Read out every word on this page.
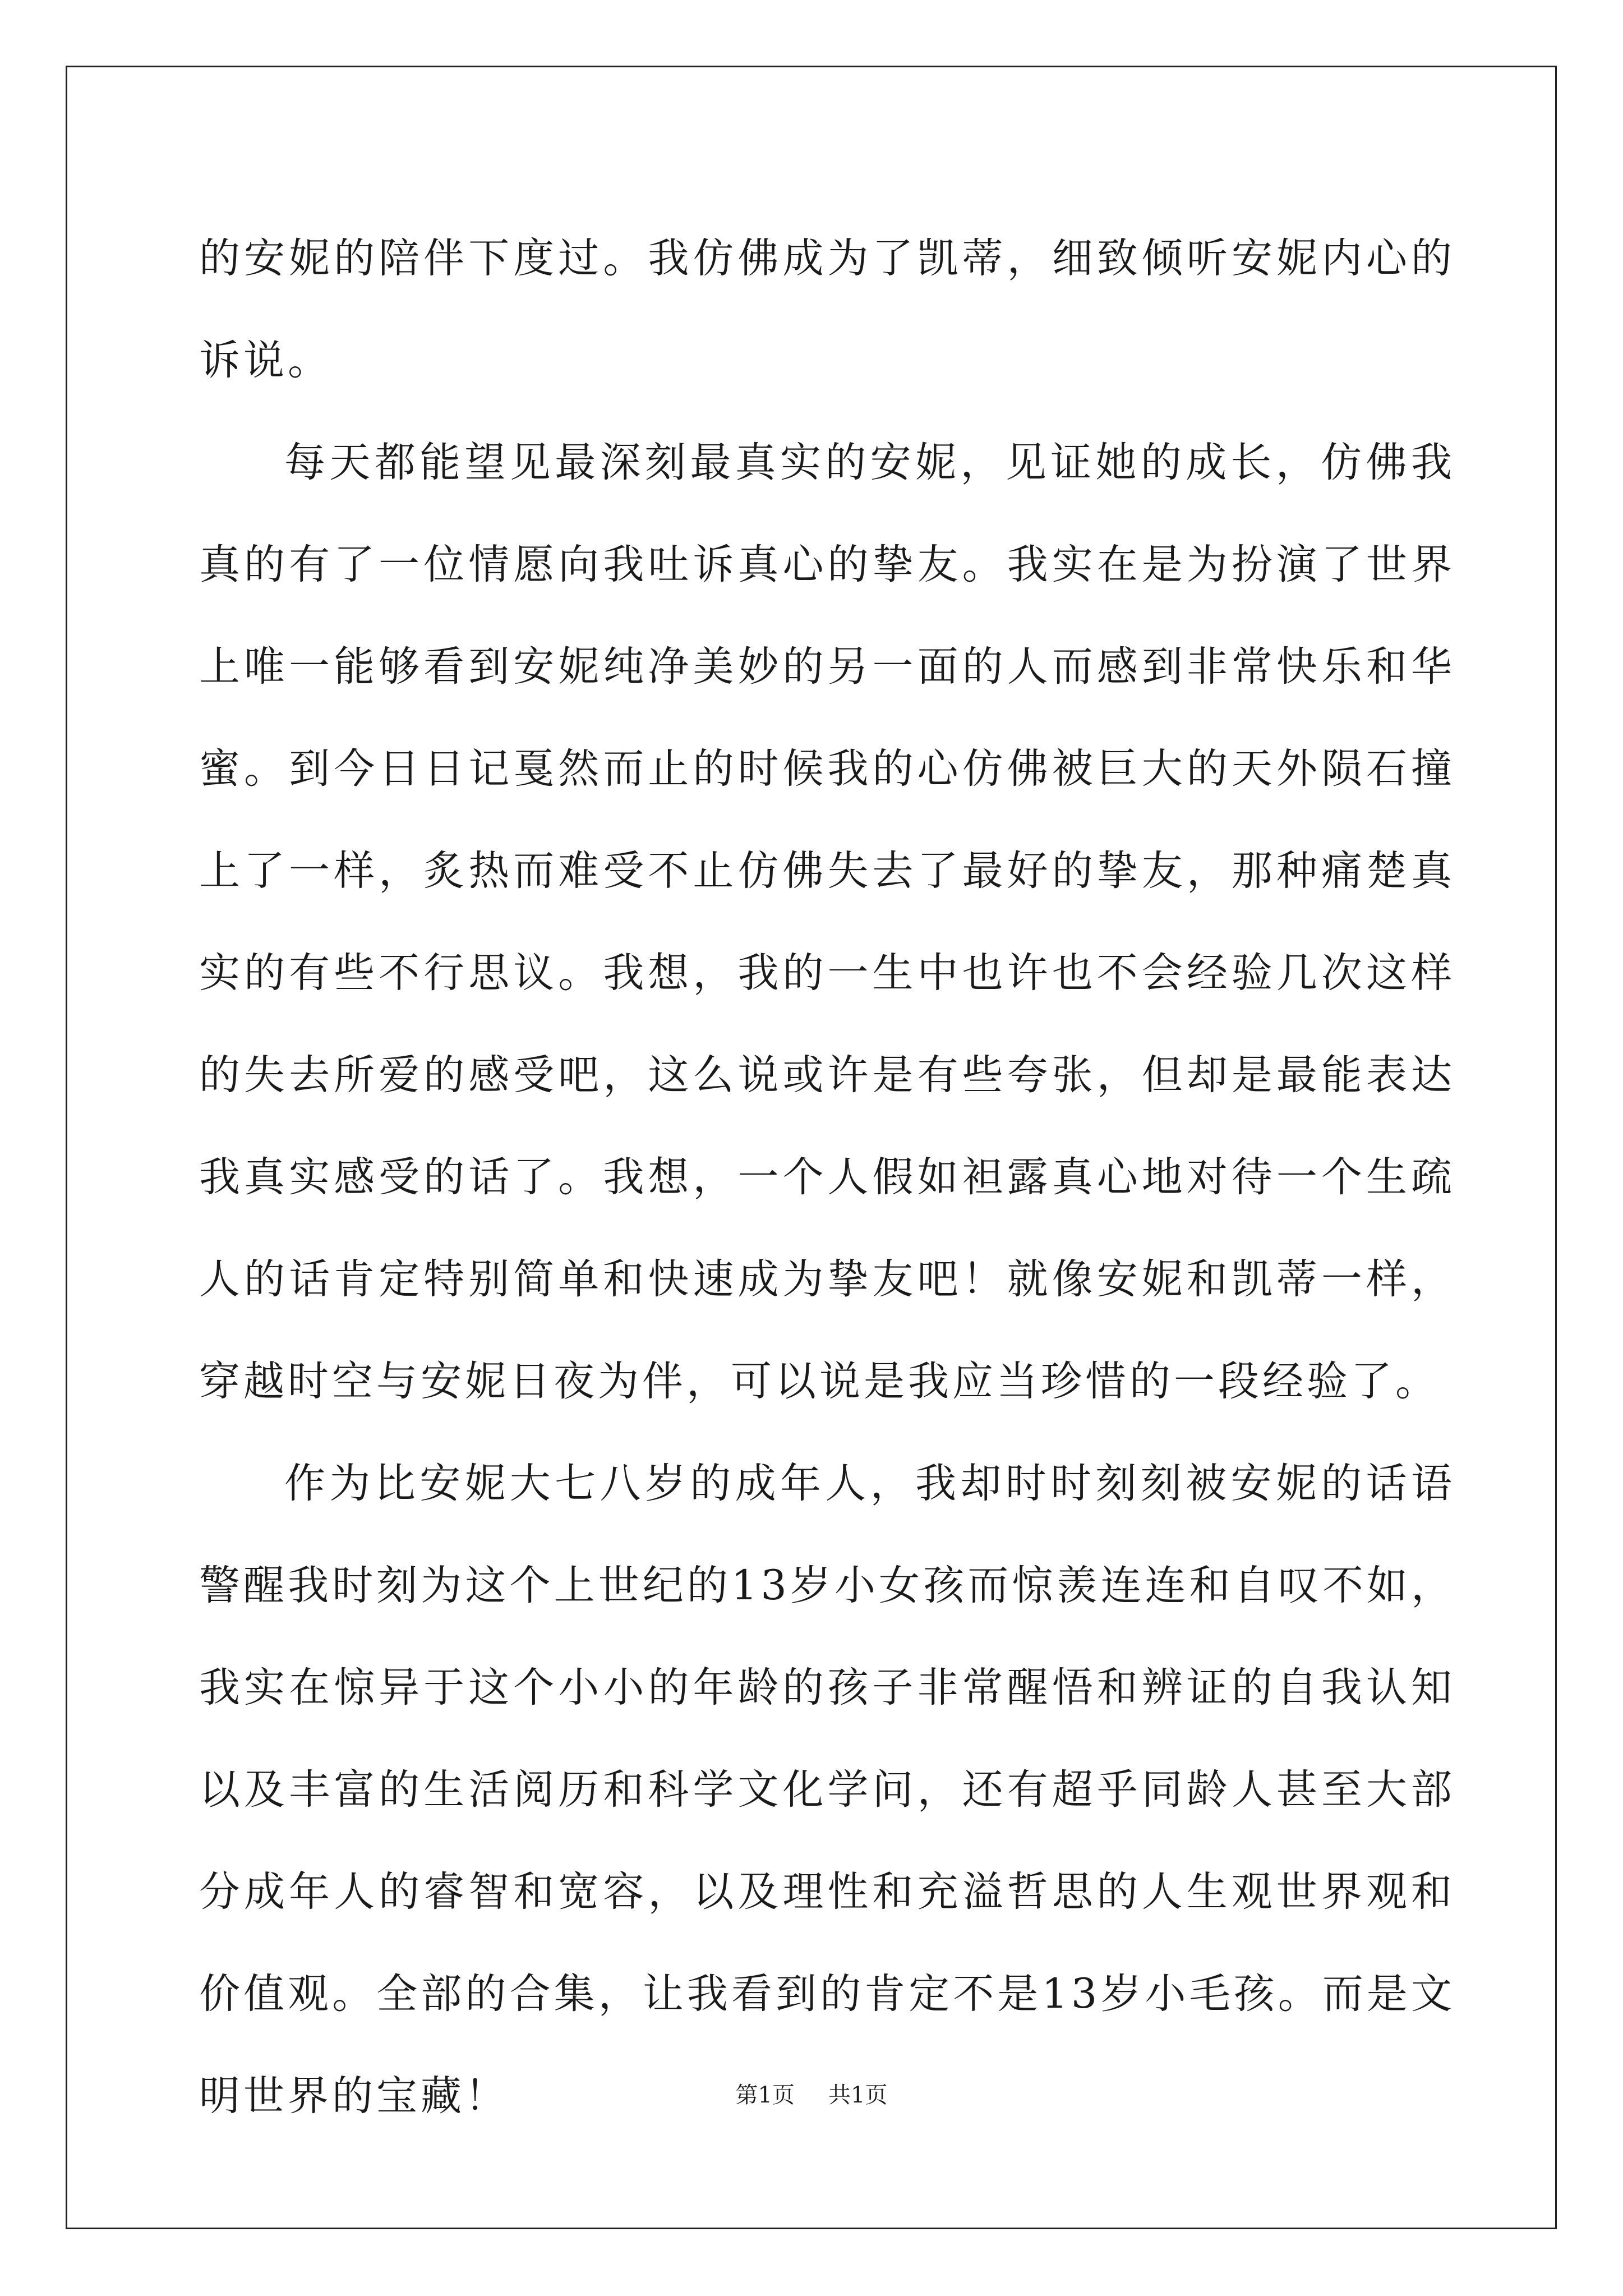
的安妮的陪伴下度过。我仿佛成为了凯蒂，细致倾听安妮内心的诉说。

每天都能望见最深刻最真实的安妮，见证她的成长，仿佛我真的有了一位情愿向我吐诉真心的挚友。我实在是为扮演了世界上唯一能够看到安妮纯净美妙的另一面的人而感到非常快乐和华蜜。到今日日记戛然而止的时候我的心仿佛被巨大的天外陨石撞上了一样，炙热而难受不止仿佛失去了最好的挚友，那种痛楚真实的有些不行思议。我想，我的一生中也许也不会经验几次这样的失去所爱的感受吧，这么说或许是有些夸张，但却是最能表达我真实感受的话了。我想，一个人假如袒露真心地对待一个生疏人的话肯定特别简单和快速成为挚友吧！就像安妮和凯蒂一样，穿越时空与安妮日夜为伴，可以说是我应当珍惜的一段经验了。

作为比安妮大七八岁的成年人，我却时时刻刻被安妮的话语警醒我时刻为这个上世纪的13岁小女孩而惊羡连连和自叹不如，我实在惊异于这个小小的年龄的孩子非常醒悟和辨证的自我认知以及丰富的生活阅历和科学文化学问，还有超乎同龄人甚至大部分成年人的睿智和宽容，以及理性和充溢哲思的人生观世界观和价值观。全部的合集，让我看到的肯定不是13岁小毛孩。而是文明世界的宝藏！	第1页 共1页
